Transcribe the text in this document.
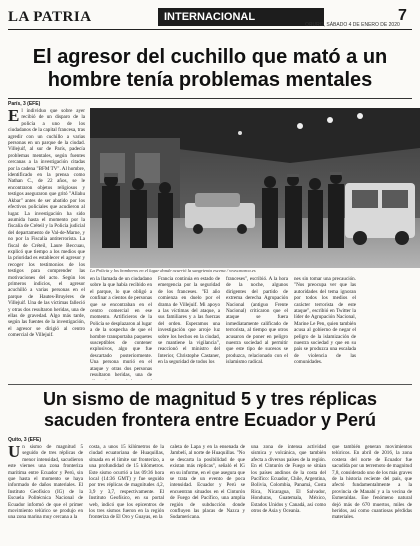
LA PATRIA	INTERNACIONAL	7
ORURO, SÁBADO 4 DE ENERO DE 2020
El agresor del cuchillo que mató a un
hombre tenía problemas mentales
París, 3 (EFE)
El individuo que sobre ayer recibió de un disparo de la policía a uno de los ciudadanos de la capital francesa, tras agredir con un cuchillo a varias personas en un parque de la ciudad. Villejuif, al sur de París, padecía problemas mentales, según fuentes cercanas a la investigación citadas por la cadena "BFM TV". Al hombre, identificado en la prensa como Nathan C., de 22 años, se le encontraron objetos religiosos y testigos aseguraron que gritó "Allahu Akbar" antes de ser abatido por los efectivos policiales que acudieron al lugar. La investigación ha sido asumida hasta el momento por la fiscalía de Créteil y la Policía judicial del departamento de Val-de-Marne, y no por la Fiscalía antiterrorista. La fiscal de Créteil, Laure Beccuau, explicó que tiempo a los medios que la prioridad es establecer el agresor y recoger los testimonios de los testigos para comprender las motivaciones del acto. Según los primeros indicios, el agresor acuchilló a varias personas en el parque de Hautes-Bruyères de Villejuif. Una de las víctimas falleció y otras dos resultaron heridas, una de ellas de gravedad. Algo más tarde, según las fuentes de la investigación, el agresor se dirigió al centro comercial de Villejuif.
La Policía y los bomberos en el lugar donde ocurrió la sangrienta escena / www.marca.es
en la llamada de un ciudadano sobre la que había recibido en el parque, lo que obligó a confinar a cientos de personas que se encontraban en el centro comercial en ese momento. Artificieros de la Policía se desplazaron al lugar a de la sospecha de que el hombre transportaba paquetes susceptibles de contener explosivos, algo que fue descartado posteriormente. Una persona murió en el ataque y otras dos personas resultaron heridas, una de
Francia continúa en estado de emergencia por la seguridad de los franceses. "El año comienza en duelo por el drama de Villejuif. Mi apoyo a las víctimas del ataque, a sus familiares y a las fuerzas del orden. Esperamos una investigación que arroje luz sobre los hechos en la ciudad, se mantiene la vigilancia", reaccionó el ministro del Interior, Christophe Castaner, en la seguridad de todos los
franceses", escribió. A la hora de la noche, algunos dirigentes del partido de extrema derecha Agrupación Nacional (antiguo Frente Nacional) criticaron que el ataque se fuera inmediatamente calificado de terrorista, al tiempo que otros acusaron de poner en peligro nuestra sociedad al permitir que este tipo de sucesos se produzca, relacionado con el islamismo radical.
nes sin tomar una precaución. "Nos preocupa ver que las autoridades del tema ignoran por todos los medios el carácter terrorista de este ataque", escribió en Twitter la líder de Agrupación Nacional, Marine Le Pen, quien también acusa al gobierno de negar el peligro de la islamización de nuestra sociedad y que en su país se produzca una escalada de violencia de las comunidades.
Un sismo de magnitud 5 y tres réplicas
sacuden frontera entre Ecuador y Perú
Quito, 3 (EFE)
Un sismo de magnitud 5 seguido de tres réplicas de menor intensidad, sacudieron este viernes una zona fronteriza marítima entre Ecuador y Perú, sin que hasta el momento se haya informado de daños materiales. El Instituto Geofísico (IG) de la Escuela Politécnica Nacional de Ecuador informó de que el primer movimiento telúrico se produjo en una zona marina muy cercana a la
costa, a unos 15 kilómetros de la ciudad ecuatoriana de Huaquillas, situada en el límite sur fronterizo, a una profundidad de 15 kilómetros. Este sismo ocurrió a las 09:36 hora local (14:36 GMT) y fue seguido por tres réplicas de magnitudes 4,2, 3,9 y 3,7, respectivamente. El Instituto Geofísico, en su portal web, indicó que los epicentros de los tres sismos fueron en la región fronteriza de El Oro y Guayas, en la
caleta de Lapa y en la ensenada de Jambelí, al norte de Huaquillas. "No se descarta la posibilidad de que existan más réplicas", señaló el IG en su informe, en el que asegura que se trata de un evento de poca intensidad. Ecuador y Perú se encuentran situados en el Cinturón de Fuego del Pacífico, una amplia región de subducción donde confluyen las placas de Nazca y Sudamericana.
una zona de intensa actividad sísmica y volcánica, que también afecta a diversos países de la región. En el Cinturón de Fuego se sitúan los países andinos de la costa del Pacífico: Ecuador, Chile, Argentina, Bolivia, Colombia, Panamá, Costa Rica, Nicaragua, El Salvador, Honduras, Guatemala, México, Estados Unidos y Canadá, así como otros de Asia y Oceanía.
que también generan movimientos telúricos. En abril de 2016, la zona costera del norte de Ecuador fue sacudida por un terremoto de magnitud 7,8, considerado uno de los más graves de la historia reciente del país, que afectó fundamentalmente a la provincia de Manabí y a la vecina de Esmeraldas. Ese fenómeno natural dejó más de 670 muertos, miles de heridos, así como cuantiosas pérdidas materiales.
